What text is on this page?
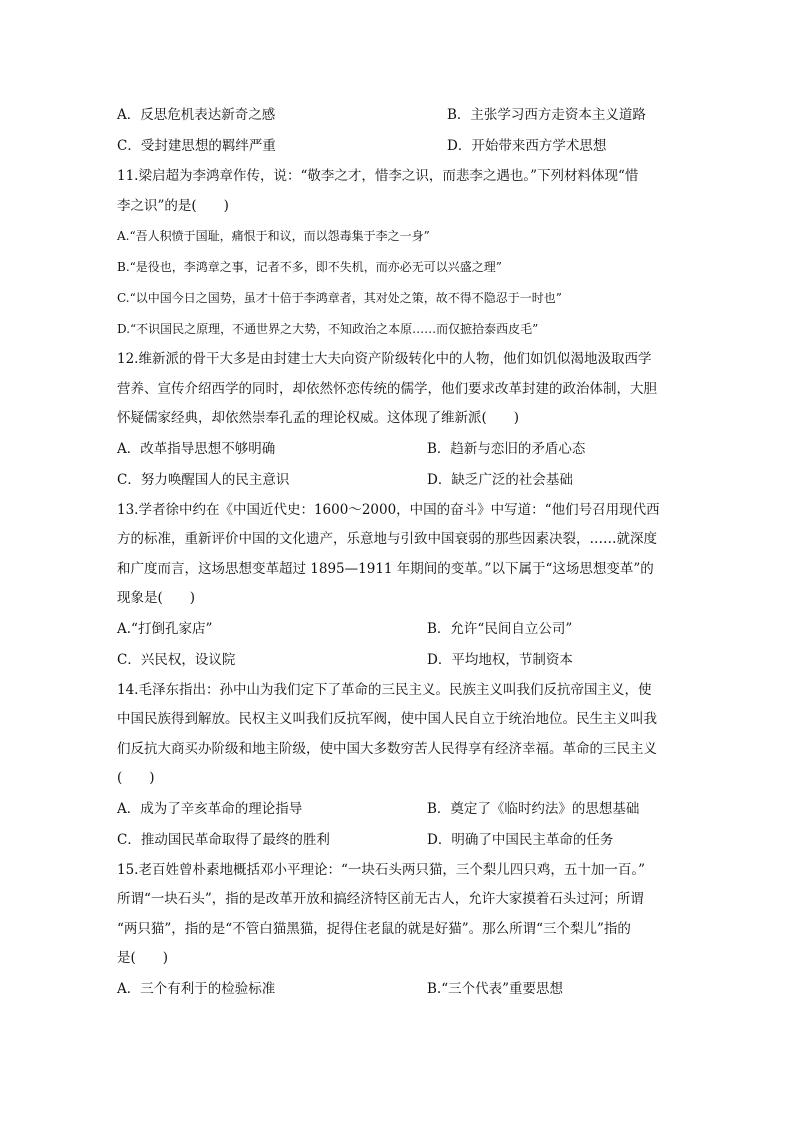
A．反思危机表达新奇之感	B．主张学习西方走资本主义道路
C．受封建思想的羁绊严重	D．开始带来西方学术思想
11.梁启超为李鸿章作传，说：“敬李之才，惜李之识，而悲李之遇也。”下列材料体现“惜
李之识”的是(　　)
A.“吾人积愤于国耻，痛恨于和议，而以怨毒集于李之一身”
B.“是役也，李鸿章之事，记者不多，即不失机，而亦必无可以兴盛之理”
C.“以中国今日之国势，虽才十倍于李鸿章者，其对处之策，故不得不隐忍于一时也”
D.“不识国民之原理，不通世界之大势，不知政治之本原……而仅摭拾泰西皮毛”
12.维新派的骨干大多是由封建士大夫向资产阶级转化中的人物，他们如饥似渴地汲取西学
营养、宣传介绍西学的同时，却依然怀恋传统的儒学，他们要求改革封建的政治体制，大胆
怀疑儒家经典，却依然崇奉孔孟的理论权威。这体现了维新派(　　)
A．改革指导思想不够明确	B．趋新与恋旧的矛盾心态
C．努力唤醒国人的民主意识	D．缺乏广泛的社会基础
13.学者徐中约在《中国近代史：1600～2000，中国的奋斗》中写道：“他们号召用现代西
方的标准，重新评价中国的文化遗产，乐意地与引致中国衰弱的那些因素决裂，……就深度
和广度而言，这场思想变革超过 1895—1911 年期间的变革。”以下属于“这场思想变革”的
现象是(　　)
A.“打倒孔家店”	B．允许“民间自立公司”
C．兴民权，设议院	D．平均地权，节制资本
14.毛泽东指出：孙中山为我们定下了革命的三民主义。民族主义叫我们反抗帝国主义，使
中国民族得到解放。民权主义叫我们反抗军阀，使中国人民自立于统治地位。民生主义叫我
们反抗大商买办阶级和地主阶级，使中国大多数穷苦人民得享有经济幸福。革命的三民主义
(　　)
A．成为了辛亥革命的理论指导	B．奠定了《临时约法》的思想基础
C．推动国民革命取得了最终的胜利	D．明确了中国民主革命的任务
15.老百姓曾朴素地概括邓小平理论：“一块石头两只猫，三个梨儿四只鸡，五十加一百。”
所谓“一块石头”，指的是改革开放和搞经济特区前无古人，允许大家摸着石头过河；所谓
“两只猫”，指的是“不管白猫黑猫，捉得住老鼠的就是好猫”。那么所谓“三个梨儿”指的
是(　　)
A．三个有利于的检验标准	B.“三个代表”重要思想
